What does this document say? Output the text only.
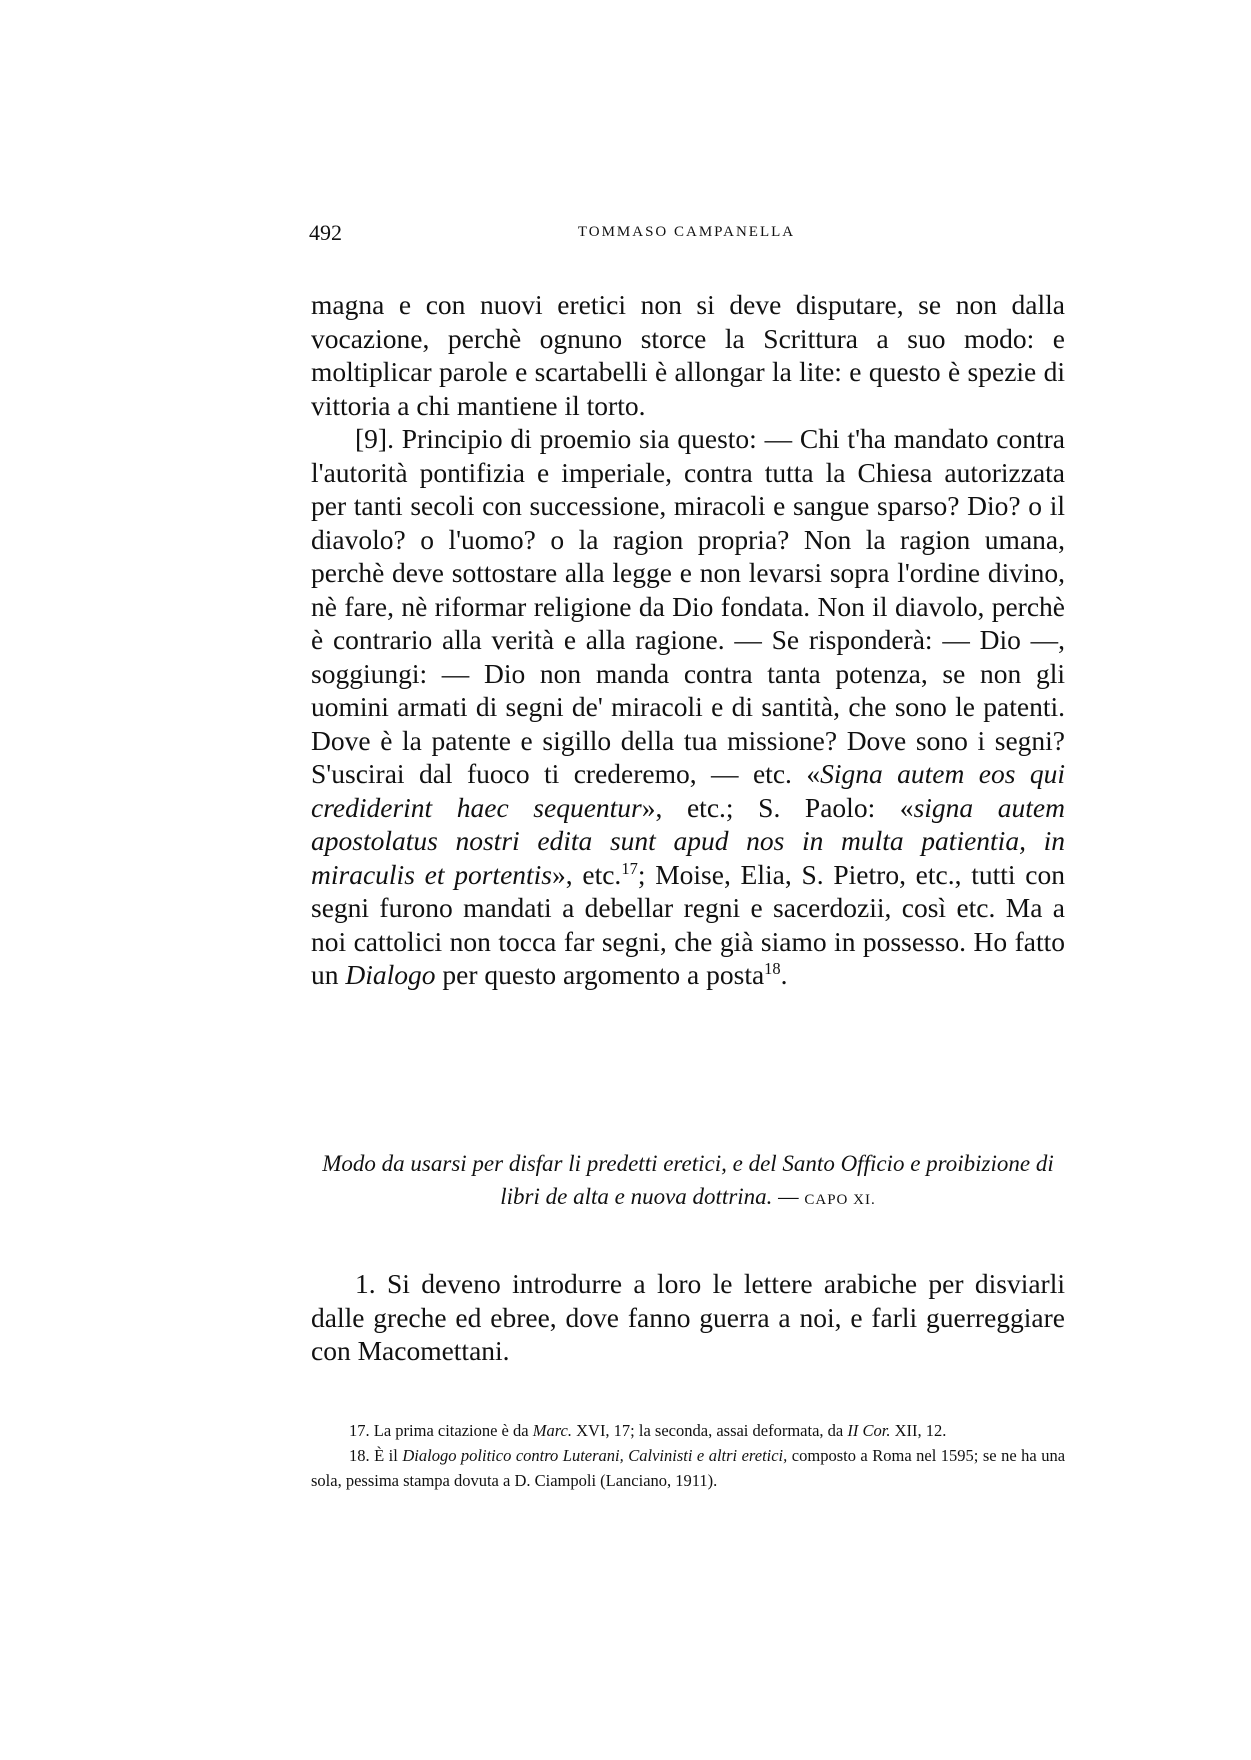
492	TOMMASO CAMPANELLA

magna e con nuovi eretici non si deve disputare, se non dalla vocazione, perchè ognuno storce la Scrittura a suo modo: e moltiplicar parole e scartabelli è allongar la lite: e questo è spezie di vittoria a chi mantiene il torto.

[9]. Principio di proemio sia questo: — Chi t'ha mandato contra l'autorità pontifizia e imperiale, contra tutta la Chiesa autorizzata per tanti secoli con successione, miracoli e sangue sparso? Dio? o il diavolo? o l'uomo? o la ragion propria? Non la ragion umana, perchè deve sottostare alla legge e non levarsi sopra l'ordine divino, nè fare, nè riformar religione da Dio fondata. Non il diavolo, perchè è contrario alla verità e alla ragione. — Se risponderà: — Dio —, soggiungi: — Dio non manda contra tanta potenza, se non gli uomini armati di segni de' miracoli e di santità, che sono le patenti. Dove è la patente e sigillo della tua missione? Dove sono i segni? S'uscirai dal fuoco ti crederemo, — etc. «Signa autem eos qui crediderint haec sequentur», etc.; S. Paolo: «signa autem apostolatus nostri edita sunt apud nos in multa patientia, in miraculis et portentis», etc.$^{17}$; Moise, Elia, S. Pietro, etc., tutti con segni furono mandati a debellar regni e sacerdozii, così etc. Ma a noi cattolici non tocca far segni, che già siamo in possesso. Ho fatto un Dialogo per questo argomento a posta$^{18}$.

Modo da usarsi per disfar li predetti eretici, e del Santo Officio e proibizione di libri de alta e nuova dottrina. — CAPO XI.

1. Si deveno introdurre a loro le lettere arabiche per disviarli dalle greche ed ebree, dove fanno guerra a noi, e farli guerreggiare con Macomettani.

17. La prima citazione è da Marc. XVI, 17; la seconda, assai deformata, da II Cor. XII, 12.

18. È il Dialogo politico contro Luterani, Calvinisti e altri eretici, composto a Roma nel 1595; se ne ha una sola, pessima stampa dovuta a D. Ciampoli (Lanciano, 1911).
